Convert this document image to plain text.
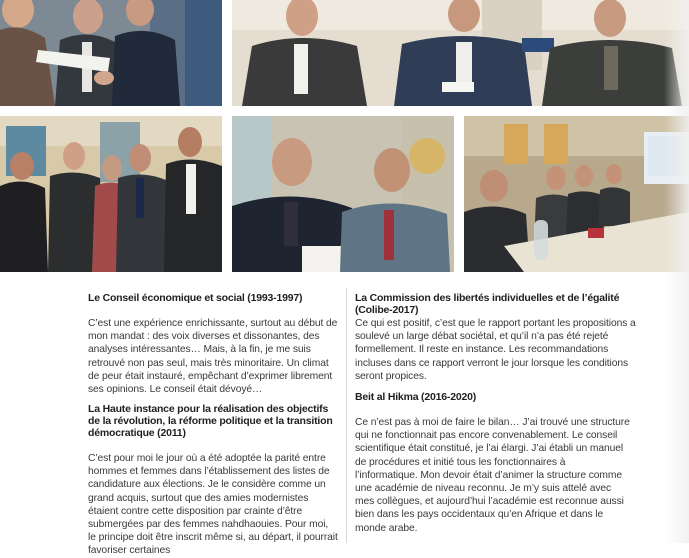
Le Conseil économique et social (1993-1997)

C’est une expérience enrichissante, surtout au début de mon mandat : des voix diverses et dissonantes, des analyses intéressantes… Mais, à la fin, je me suis retrouvé non pas seul, mais très minoritaire. Un climat de peur était instauré, empêchant d’exprimer librement ses opinions. Le conseil était dévoyé…

La Haute instance pour la réalisation des objectifs de la révolution, la réforme politique et la transition démocratique (2011)

C’est pour moi le jour où a été adoptée la parité entre hommes et femmes dans l’établissement des listes de candidature aux élections. Je le considère comme un grand acquis, surtout que des amies modernistes étaient contre cette disposition par crainte d’être submergées par des femmes nahdhaouies. Pour moi, le principe doit être inscrit même si, au départ, il pourrait favoriser certaines

La Commission des libertés individuelles et de l’égalité (Colibe-2017)

Ce qui est positif, c’est que le rapport portant les propositions a soulevé un large débat sociétal, et qu’il n’a pas été rejeté formellement. Il reste en instance. Les recommandations incluses dans ce rapport verront le jour lorsque les conditions seront propices.

Beit al Hikma (2016-2020)

Ce n’est pas à moi de faire le bilan… J’ai trouvé une structure qui ne fonctionnait pas encore convenablement. Le conseil scientifique était constitué, je l’ai élargi. J’ai établi un manuel de procédures et initié tous les fonctionnaires à l’informatique. Mon devoir était d’animer la structure comme une académie de niveau reconnu. Je m’y suis attelé avec mes collègues, et aujourd’hui l’académie est reconnue aussi bien dans les pays occidentaux qu’en Afrique et dans le monde arabe.
